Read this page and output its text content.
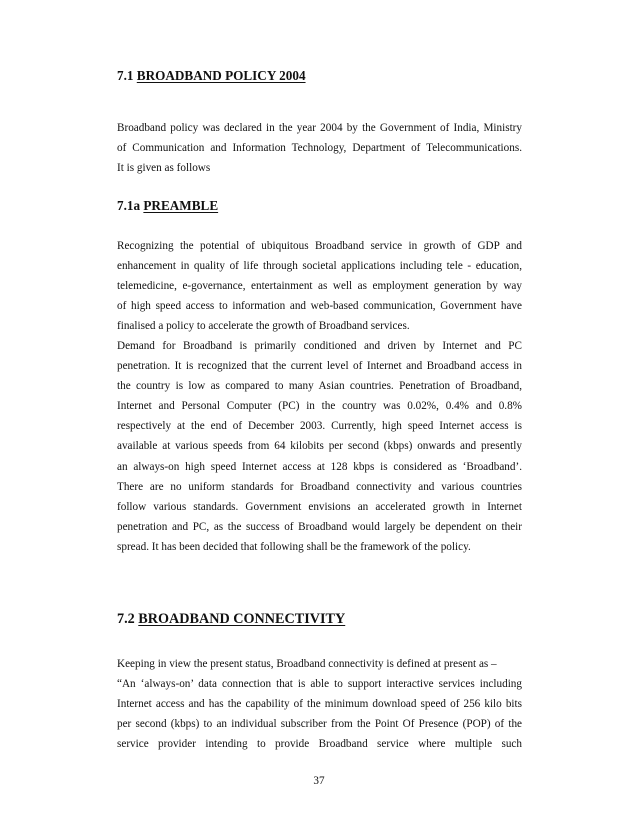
7.1 BROADBAND POLICY 2004
Broadband policy was declared in the year 2004 by the Government of India, Ministry
of Communication and Information Technology, Department of Telecommunications.
It is given as follows
7.1a PREAMBLE
Recognizing the potential of ubiquitous Broadband service in growth of GDP and
enhancement in quality of life through societal applications including tele - education,
telemedicine, e-governance, entertainment as well as employment generation by way
of high speed access to information and web-based communication, Government have
finalised a policy to accelerate the growth of Broadband services.
Demand for Broadband is primarily conditioned and driven by Internet and PC
penetration. It is recognized that the current level of Internet and Broadband access in
the country is low as compared to many Asian countries. Penetration of Broadband,
Internet and Personal Computer (PC) in the country was 0.02%, 0.4% and 0.8%
respectively at the end of December 2003. Currently, high speed Internet access is
available at various speeds from 64 kilobits per second (kbps) onwards and presently
an always-on high speed Internet access at 128 kbps is considered as ‘Broadband’.
There are no uniform standards for Broadband connectivity and various countries
follow various standards. Government envisions an accelerated growth in Internet
penetration and PC, as the success of Broadband would largely be dependent on their
spread. It has been decided that following shall be the framework of the policy.
7.2 BROADBAND CONNECTIVITY
Keeping in view the present status, Broadband connectivity is defined at present as –
“An ‘always-on’ data connection that is able to support interactive services including
Internet access and has the capability of the minimum download speed of 256 kilo bits
per second (kbps) to an individual subscriber from the Point Of Presence (POP) of the
service provider intending to provide Broadband service where multiple such
37
